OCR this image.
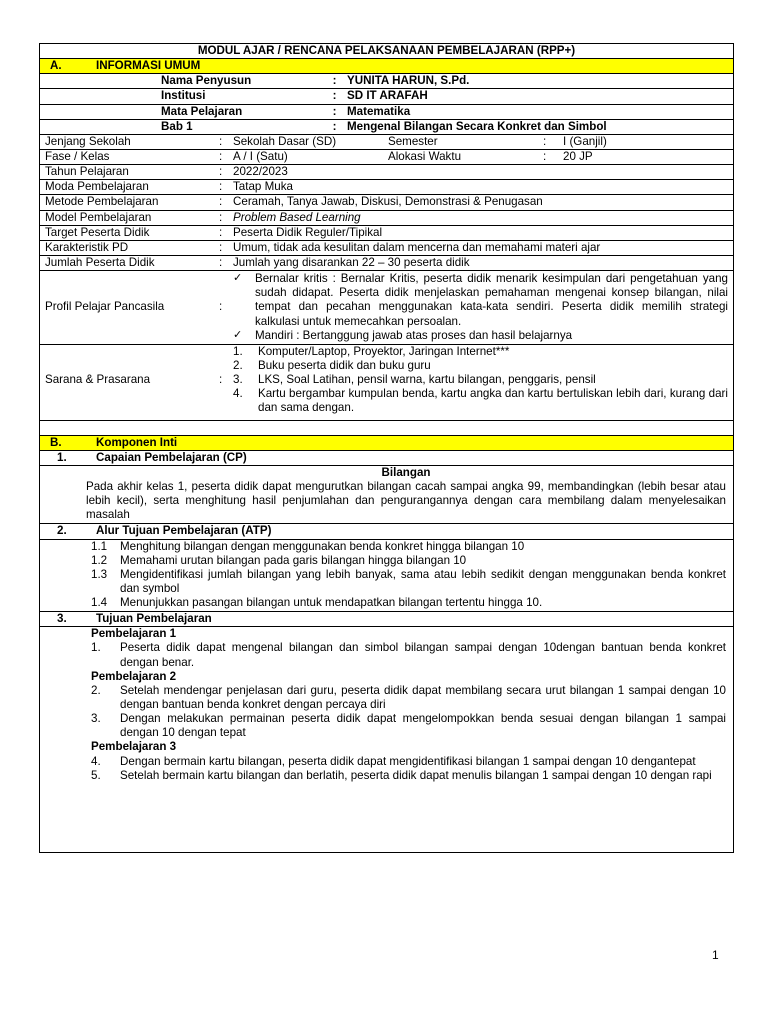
MODUL AJAR / RENCANA PELAKSANAAN PEMBELAJARAN (RPP+)

A.	INFORMASI UMUM

Nama Penyusun	: YUNITA HARUN, S.Pd.

Institusi	: SD IT ARAFAH

Mata Pelajaran	: Matematika

Bab 1	: Mengenal Bilangan Secara Konkret dan Simbol

Jenjang Sekolah	: Sekolah Dasar (SD)	Semester	:	I (Ganjil)

Fase / Kelas	: A / I (Satu)	Alokasi Waktu	:	20 JP

Tahun Pelajaran	: 2022/2023

Moda Pembelajaran	: Tatap Muka

Metode Pembelajaran	: Ceramah, Tanya Jawab, Diskusi, Demonstrasi & Penugasan

Model Pembelajaran	: Problem Based Learning

Target Peserta Didik	: Peserta Didik Reguler/Tipikal

Karakteristik PD	: Umum, tidak ada kesulitan dalam mencerna dan memahami materi ajar

Jumlah Peserta Didik	: Jumlah yang disarankan 22 – 30 peserta didik

Profil Pelajar Pancasila	:
✓	Bernalar kritis : Bernalar Kritis, peserta didik menarik kesimpulan dari pengetahuan yang sudah didapat. Peserta didik menjelaskan pemahaman mengenai konsep bilangan, nilai tempat dan pecahan menggunakan kata-kata sendiri. Peserta didik memilih strategi kalkulasi untuk memecahkan persoalan.
✓	Mandiri : Bertanggung jawab atas proses dan hasil belajarnya

Sarana & Prasarana	:
1.	Komputer/Laptop, Proyektor, Jaringan Internet***
2.	Buku peserta didik dan buku guru
3.	LKS, Soal Latihan, pensil warna, kartu bilangan, penggaris, pensil
4.	Kartu bergambar kumpulan benda, kartu angka dan kartu bertuliskan lebih dari, kurang dari dan sama dengan.

B.	Komponen Inti

1.	Capaian Pembelajaran (CP)

Bilangan
Pada akhir kelas 1, peserta didik dapat mengurutkan bilangan cacah sampai angka 99, membandingkan (lebih besar atau lebih kecil), serta menghitung hasil penjumlahan dan pengurangannya dengan cara membilang dalam menyelesaikan masalah

2.	Alur Tujuan Pembelajaran (ATP)

1.1	Menghitung bilangan dengan menggunakan benda konkret hingga bilangan 10
1.2	Memahami urutan bilangan pada garis bilangan hingga bilangan 10
1.3	Mengidentifikasi jumlah bilangan yang lebih banyak, sama atau lebih sedikit dengan menggunakan benda konkret dan symbol
1.4	Menunjukkan pasangan bilangan untuk mendapatkan bilangan tertentu hingga 10.

3.	Tujuan Pembelajaran

Pembelajaran 1
1.	Peserta didik dapat mengenal bilangan dan simbol bilangan sampai dengan 10dengan bantuan benda konkret dengan benar.
Pembelajaran 2
2.	Setelah mendengar penjelasan dari guru, peserta didik dapat membilang secara urut bilangan 1 sampai dengan 10 dengan bantuan benda konkret dengan percaya diri
3.	Dengan melakukan permainan peserta didik dapat mengelompokkan benda sesuai dengan bilangan 1 sampai dengan 10 dengan tepat
Pembelajaran 3
4.	Dengan bermain kartu bilangan, peserta didik dapat mengidentifikasi bilangan 1 sampai dengan 10 dengantepat
5.	Setelah bermain kartu bilangan dan berlatih, peserta didik dapat menulis bilangan 1 sampai dengan 10 dengan rapi
1
